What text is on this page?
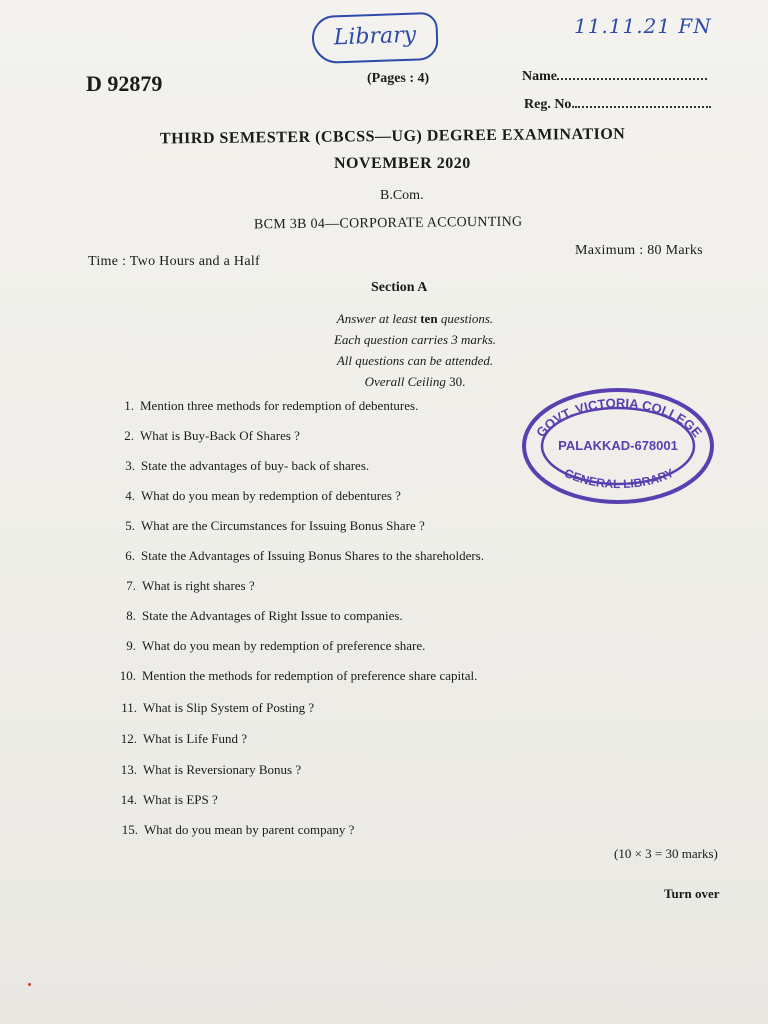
Library	11.11.21 FN
D 92879	(Pages : 4)	Name
Reg. No.
THIRD SEMESTER (CBCSS—UG) DEGREE EXAMINATION
NOVEMBER 2020
B.Com.
BCM 3B 04—CORPORATE ACCOUNTING
Time : Two Hours and a Half
Maximum : 80 Marks
Section A
Answer at least ten questions.
Each question carries 3 marks.
All questions can be attended.
Overall Ceiling 30.
1. Mention three methods for redemption of debentures.
2. What is Buy-Back Of Shares ?
3. State the advantages of buy- back of shares.
4. What do you mean by redemption of debentures ?
5. What are the Circumstances for Issuing Bonus Share ?
6. State the Advantages of Issuing Bonus Shares to the shareholders.
7. What is right shares ?
8. State the Advantages of Right Issue to companies.
9. What do you mean by redemption of preference share.
10. Mention the methods for redemption of preference share capital.
11. What is Slip System of Posting ?
12. What is Life Fund ?
13. What is Reversionary Bonus ?
14. What is EPS ?
15. What do you mean by parent company ?
(10 × 3 = 30 marks)
Turn over
GOVT. VICTORIA COLLEGE
PALAKKAD-678001
GENERAL LIBRARY
